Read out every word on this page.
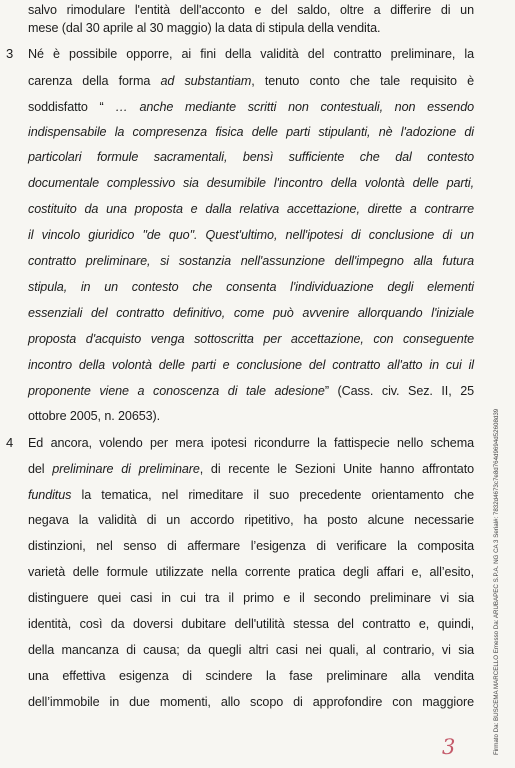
salvo rimodulare l'entità dell'acconto e del saldo, oltre a differire di un
mese (dal 30 aprile al 30 maggio) la data di stipula della vendita.
3 Né è possibile opporre, ai fini della validità del contratto preliminare, la
carenza della forma ad substantiam, tenuto conto che tale requisito è
soddisfatto “ … anche mediante scritti non contestuali, non essendo
indispensabile la compresenza fisica delle parti stipulanti, nè l'adozione di
particolari formule sacramentali, bensì sufficiente che dal contesto
documentale complessivo sia desumibile l'incontro della volontà delle parti,
costituito da una proposta e dalla relativa accettazione, dirette a contrarre
il vincolo giuridico "de quo". Quest'ultimo, nell'ipotesi di conclusione di un
contratto preliminare, si sostanzia nell'assunzione dell'impegno alla futura
stipula, in un contesto che consenta l'individuazione degli elementi
essenziali del contratto definitivo, come può avvenire allorquando l'iniziale
proposta d'acquisto venga sottoscritta per accettazione, con conseguente
incontro della volontà delle parti e conclusione del contratto all'atto in cui il
proponente viene a conoscenza di tale adesione” (Cass. civ. Sez. II, 25
ottobre 2005, n. 20653).
4 Ed ancora, volendo per mera ipotesi ricondurre la fattispecie nello schema
del preliminare di preliminare, di recente le Sezioni Unite hanno affrontato
funditus la tematica, nel rimeditare il suo precedente orientamento che
negava la validità di un accordo ripetitivo, ha posto alcune necessarie
distinzioni, nel senso di affermare l’esigenza di verificare la composita
varietà delle formule utilizzate nella corrente pratica degli affari e, all’esito,
distinguere quei casi in cui tra il primo e il secondo preliminare vi sia
identità, così da doversi dubitare dell'utilità stessa del contratto e, quindi,
della mancanza di causa; da quegli altri casi nei quali, al contrario, vi sia
una effettiva esigenza di scindere la fase preliminare alla vendita
dell’immobile in due momenti, allo scopo di approfondire con maggiore	Firmato Da: BUSCEMA MARCELLO Emesso Da: ARUBAPEC S.P.A. NG CA 3 Serial#: 7832d4673c7e8d764d9694d52608d39
3
